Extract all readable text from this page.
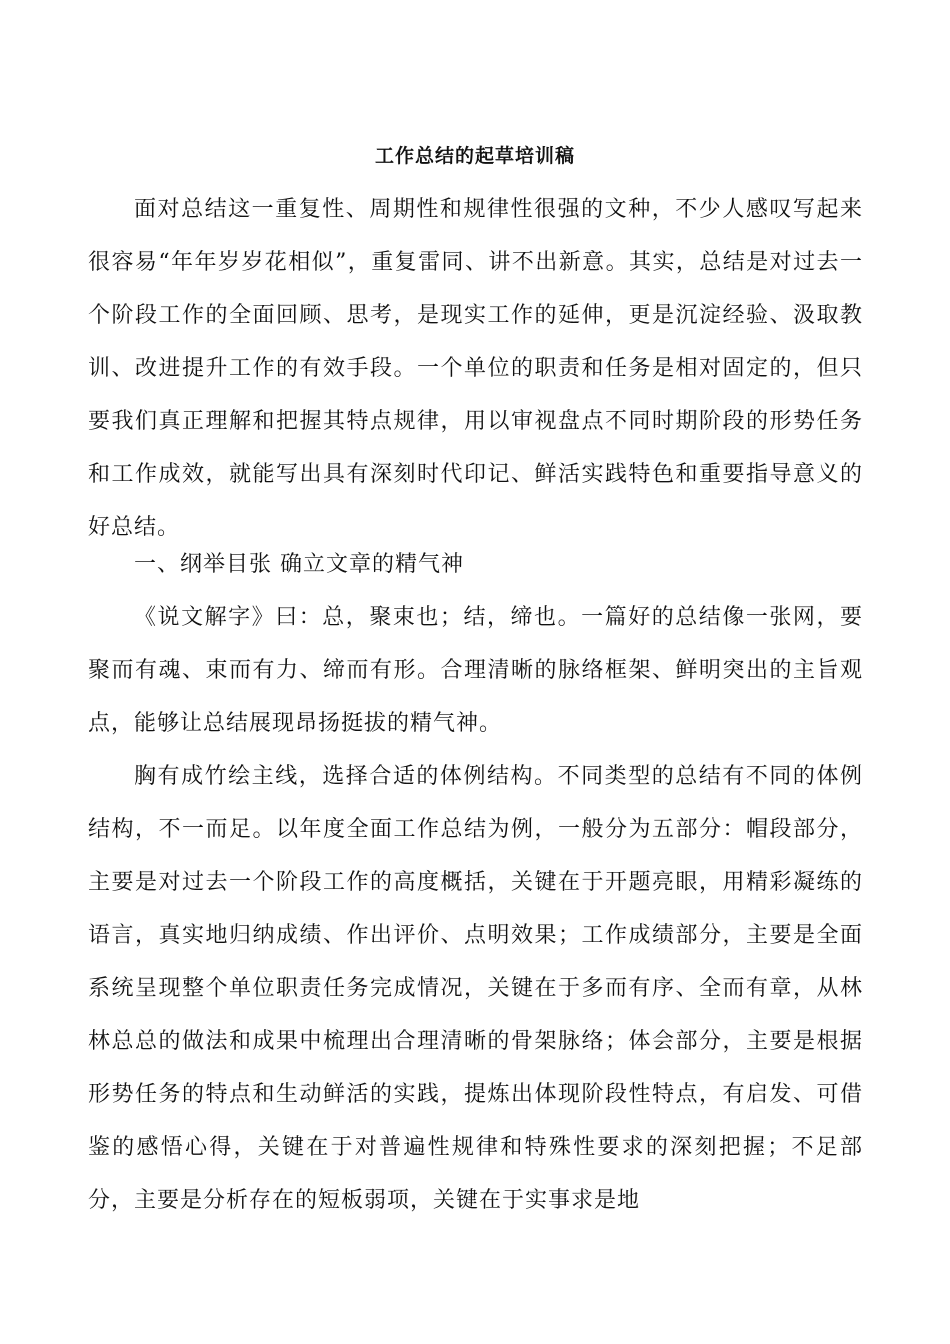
工作总结的起草培训稿

面对总结这一重复性、周期性和规律性很强的文种，不少人感叹写起来很容易“年年岁岁花相似”，重复雷同、讲不出新意。其实，总结是对过去一个阶段工作的全面回顾、思考，是现实工作的延伸，更是沉淀经验、汲取教训、改进提升工作的有效手段。一个单位的职责和任务是相对固定的，但只要我们真正理解和把握其特点规律，用以审视盘点不同时期阶段的形势任务和工作成效，就能写出具有深刻时代印记、鲜活实践特色和重要指导意义的好总结。

一、纲举目张 确立文章的精气神

《说文解字》曰：总，聚束也；结，缔也。一篇好的总结像一张网，要聚而有魂、束而有力、缔而有形。合理清晰的脉络框架、鲜明突出的主旨观点，能够让总结展现昂扬挺拔的精气神。

胸有成竹绘主线，选择合适的体例结构。不同类型的总结有不同的体例结构，不一而足。以年度全面工作总结为例，一般分为五部分：帽段部分，主要是对过去一个阶段工作的高度概括，关键在于开题亮眼，用精彩凝练的语言，真实地归纳成绩、作出评价、点明效果；工作成绩部分，主要是全面系统呈现整个单位职责任务完成情况，关键在于多而有序、全而有章，从林林总总的做法和成果中梳理出合理清晰的骨架脉络；体会部分，主要是根据形势任务的特点和生动鲜活的实践，提炼出体现阶段性特点，有启发、可借鉴的感悟心得，关键在于对普遍性规律和特殊性要求的深刻把握；不足部分，主要是分析存在的短板弱项，关键在于实事求是地
